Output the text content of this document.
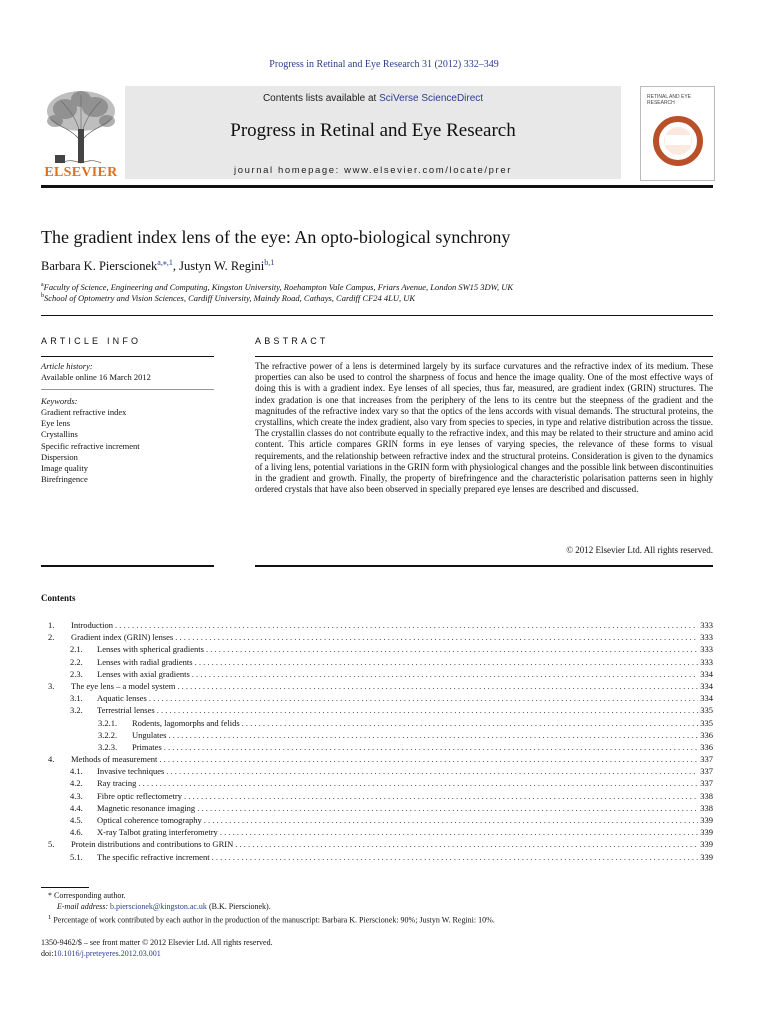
Progress in Retinal and Eye Research 31 (2012) 332–349
ELSEVIER
Contents lists available at SciVerse ScienceDirect
Progress in Retinal and Eye Research
journal homepage: www.elsevier.com/locate/prer
RETINAL AND EYE RESEARCH
The gradient index lens of the eye: An opto-biological synchrony
Barbara K. Pierscionek$^{a,⁎,1}$, Justyn W. Regini$^{b,1}$
$^a$Faculty of Science, Engineering and Computing, Kingston University, Roehampton Vale Campus, Friars Avenue, London SW15 3DW, UK
$^b$School of Optometry and Vision Sciences, Cardiff University, Maindy Road, Cathays, Cardiff CF24 4LU, UK
ARTICLE INFO	ABSTRACT
Article history:
Available online 16 March 2012
Keywords:
Gradient refractive index
Eye lens
Crystallins
Specific refractive increment
Dispersion
Image quality
Birefringence

The refractive power of a lens is determined largely by its surface curvatures and the refractive index of its medium. These properties can also be used to control the sharpness of focus and hence the image quality. One of the most effective ways of doing this is with a gradient index. Eye lenses of all species, thus far, measured, are gradient index (GRIN) structures. The index gradation is one that increases from the periphery of the lens to its centre but the steepness of the gradient and the magnitudes of the refractive index vary so that the optics of the lens accords with visual demands. The structural proteins, the crystallins, which create the index gradient, also vary from species to species, in type and relative distribution across the tissue. The crystallin classes do not contribute equally to the refractive index, and this may be related to their structure and amino acid content. This article compares GRIN forms in eye lenses of varying species, the relevance of these forms to visual requirements, and the relationship between refractive index and the structural proteins. Consideration is given to the dynamics of a living lens, potential variations in the GRIN form with physiological changes and the possible link between discontinuities in the gradient and growth. Finally, the property of birefringence and the characteristic polarisation patterns seen in highly ordered crystals that have also been observed in specially prepared eye lenses are described and discussed.

© 2012 Elsevier Ltd. All rights reserved.
Contents
1.	Introduction . . .	333
2.	Gradient index (GRIN) lenses . . .	333
2.1.	Lenses with spherical gradients . . .	333
2.2.	Lenses with radial gradients . . .	333
2.3.	Lenses with axial gradients . . .	334
3.	The eye lens – a model system . . .	334
3.1.	Aquatic lenses . . .	334
3.2.	Terrestrial lenses . . .	335
3.2.1.	Rodents, lagomorphs and felids . . .	335
3.2.2.	Ungulates . . .	336
3.2.3.	Primates . . .	336
4.	Methods of measurement . . .	337
4.1.	Invasive techniques . . .	337
4.2.	Ray tracing . . .	337
4.3.	Fibre optic reflectometry . . .	338
4.4.	Magnetic resonance imaging . . .	338
4.5.	Optical coherence tomography . . .	339
4.6.	X-ray Talbot grating interferometry . . .	339
5.	Protein distributions and contributions to GRIN . . .	339
5.1.	The specific refractive increment . . .	339
* Corresponding author.
E-mail address: b.pierscionek@kingston.ac.uk (B.K. Pierscionek).
$^1$ Percentage of work contributed by each author in the production of the manuscript: Barbara K. Pierscionek: 90%; Justyn W. Regini: 10%.
1350-9462/$ – see front matter © 2012 Elsevier Ltd. All rights reserved.
doi:10.1016/j.preteyeres.2012.03.001
